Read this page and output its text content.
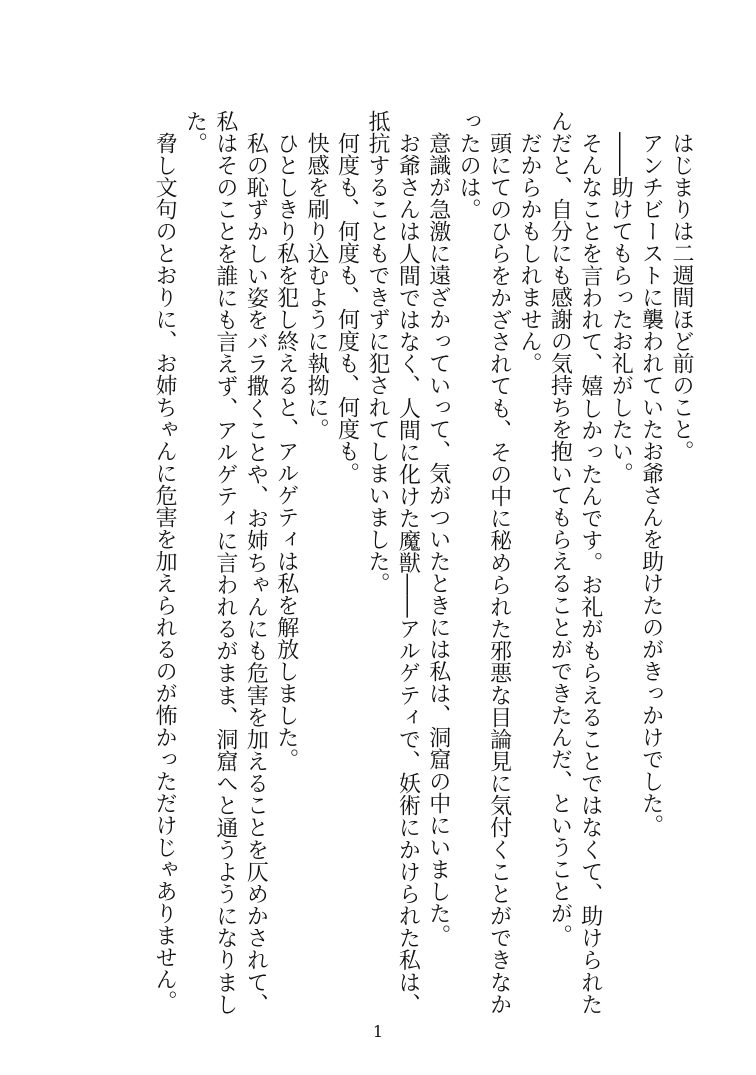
はじまりは二週間ほど前のこと。

アンチビーストに襲われていたお爺さんを助けたのがきっかけでした。

――助けてもらったお礼がしたい。

そんなことを言われて、嬉しかったんです。お礼がもらえることではなくて、助けられたんだと、自分にも感謝の気持ちを抱いてもらえることができたんだ、ということが。

だからかもしれません。

頭にてのひらをかざされても、その中に秘められた邪悪な目論見に気付くことができなかったのは。

意識が急激に遠ざかっていって、気がついたときには私は、洞窟の中にいました。

お爺さんは人間ではなく、人間に化けた魔獣――アルゲティで、妖術にかけられた私は、抵抗することもできずに犯されてしまいました。

何度も、何度も、何度も、何度も。

快感を刷り込むように執拗に。

ひとしきり私を犯し終えると、アルゲティは私を解放しました。

私の恥ずかしい姿をバラ撒くことや、お姉ちゃんにも危害を加えることを仄めかされて、私はそのことを誰にも言えず、アルゲティに言われるがまま、洞窟へと通うようになりました。

脅し文句のとおりに、お姉ちゃんに危害を加えられるのが怖かっただけじゃありません。

1
